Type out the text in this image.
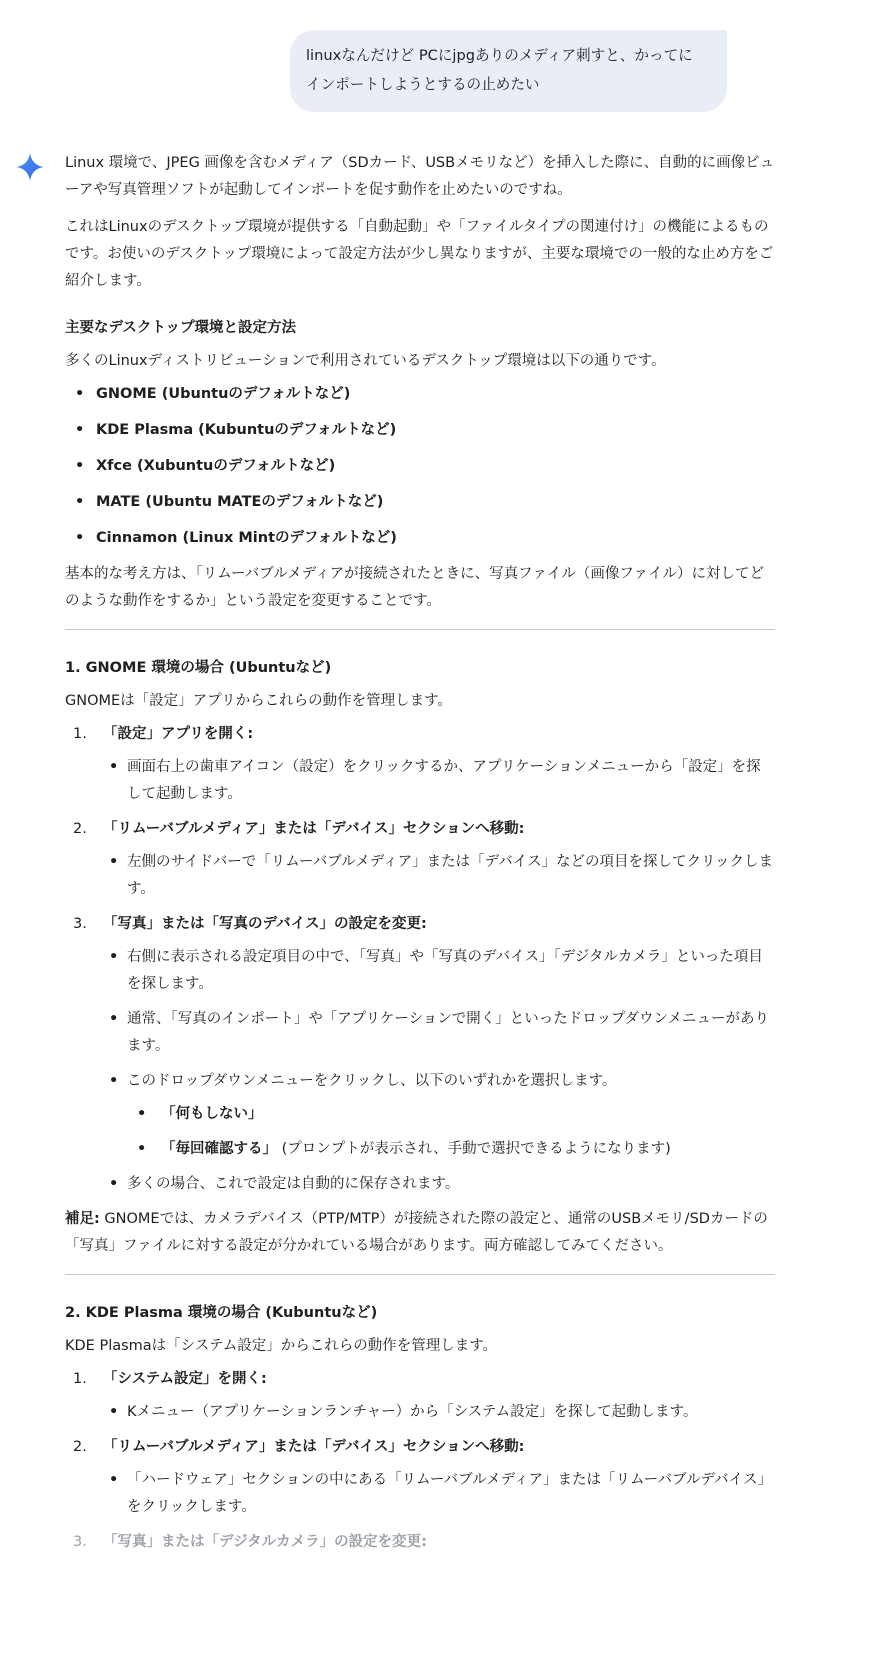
linuxなんだけど PCにjpgありのメディア刺すと、かってにインポートしようとするの止めたい

Linux 環境で、JPEG 画像を含むメディア（SDカード、USBメモリなど）を挿入した際に、自動的に画像ビューアや写真管理ソフトが起動してインポートを促す動作を止めたいのですね。

これはLinuxのデスクトップ環境が提供する「自動起動」や「ファイルタイプの関連付け」の機能によるものです。お使いのデスクトップ環境によって設定方法が少し異なりますが、主要な環境での一般的な止め方をご紹介します。

主要なデスクトップ環境と設定方法

多くのLinuxディストリビューションで利用されているデスクトップ環境は以下の通りです。

• GNOME (Ubuntuのデフォルトなど)
• KDE Plasma (Kubuntuのデフォルトなど)
• Xfce (Xubuntuのデフォルトなど)
• MATE (Ubuntu MATEのデフォルトなど)
• Cinnamon (Linux Mintのデフォルトなど)

基本的な考え方は、「リムーバブルメディアが接続されたときに、写真ファイル（画像ファイル）に対してどのような動作をするか」という設定を変更することです。

1. GNOME 環境の場合 (Ubuntuなど)

GNOMEは「設定」アプリからこれらの動作を管理します。

1. 「設定」アプリを開く:
• 画面右上の歯車アイコン（設定）をクリックするか、アプリケーションメニューから「設定」を探して起動します。
2. 「リムーバブルメディア」または「デバイス」セクションへ移動:
• 左側のサイドバーで「リムーバブルメディア」または「デバイス」などの項目を探してクリックします。
3. 「写真」または「写真のデバイス」の設定を変更:
• 右側に表示される設定項目の中で、「写真」や「写真のデバイス」「デジタルカメラ」といった項目を探します。
• 通常、「写真のインポート」や「アプリケーションで開く」といったドロップダウンメニューがあります。
• このドロップダウンメニューをクリックし、以下のいずれかを選択します。
• 「何もしない」
• 「毎回確認する」 (プロンプトが表示され、手動で選択できるようになります)
• 多くの場合、これで設定は自動的に保存されます。

補足: GNOMEでは、カメラデバイス（PTP/MTP）が接続された際の設定と、通常のUSBメモリ/SDカードの「写真」ファイルに対する設定が分かれている場合があります。両方確認してみてください。

2. KDE Plasma 環境の場合 (Kubuntuなど)

KDE Plasmaは「システム設定」からこれらの動作を管理します。

1. 「システム設定」を開く:
• Kメニュー（アプリケーションランチャー）から「システム設定」を探して起動します。
2. 「リムーバブルメディア」または「デバイス」セクションへ移動:
• 「ハードウェア」セクションの中にある「リムーバブルメディア」または「リムーバブルデバイス」をクリックします。
3. 「写真」または「デジタルカメラ」の設定を変更:
